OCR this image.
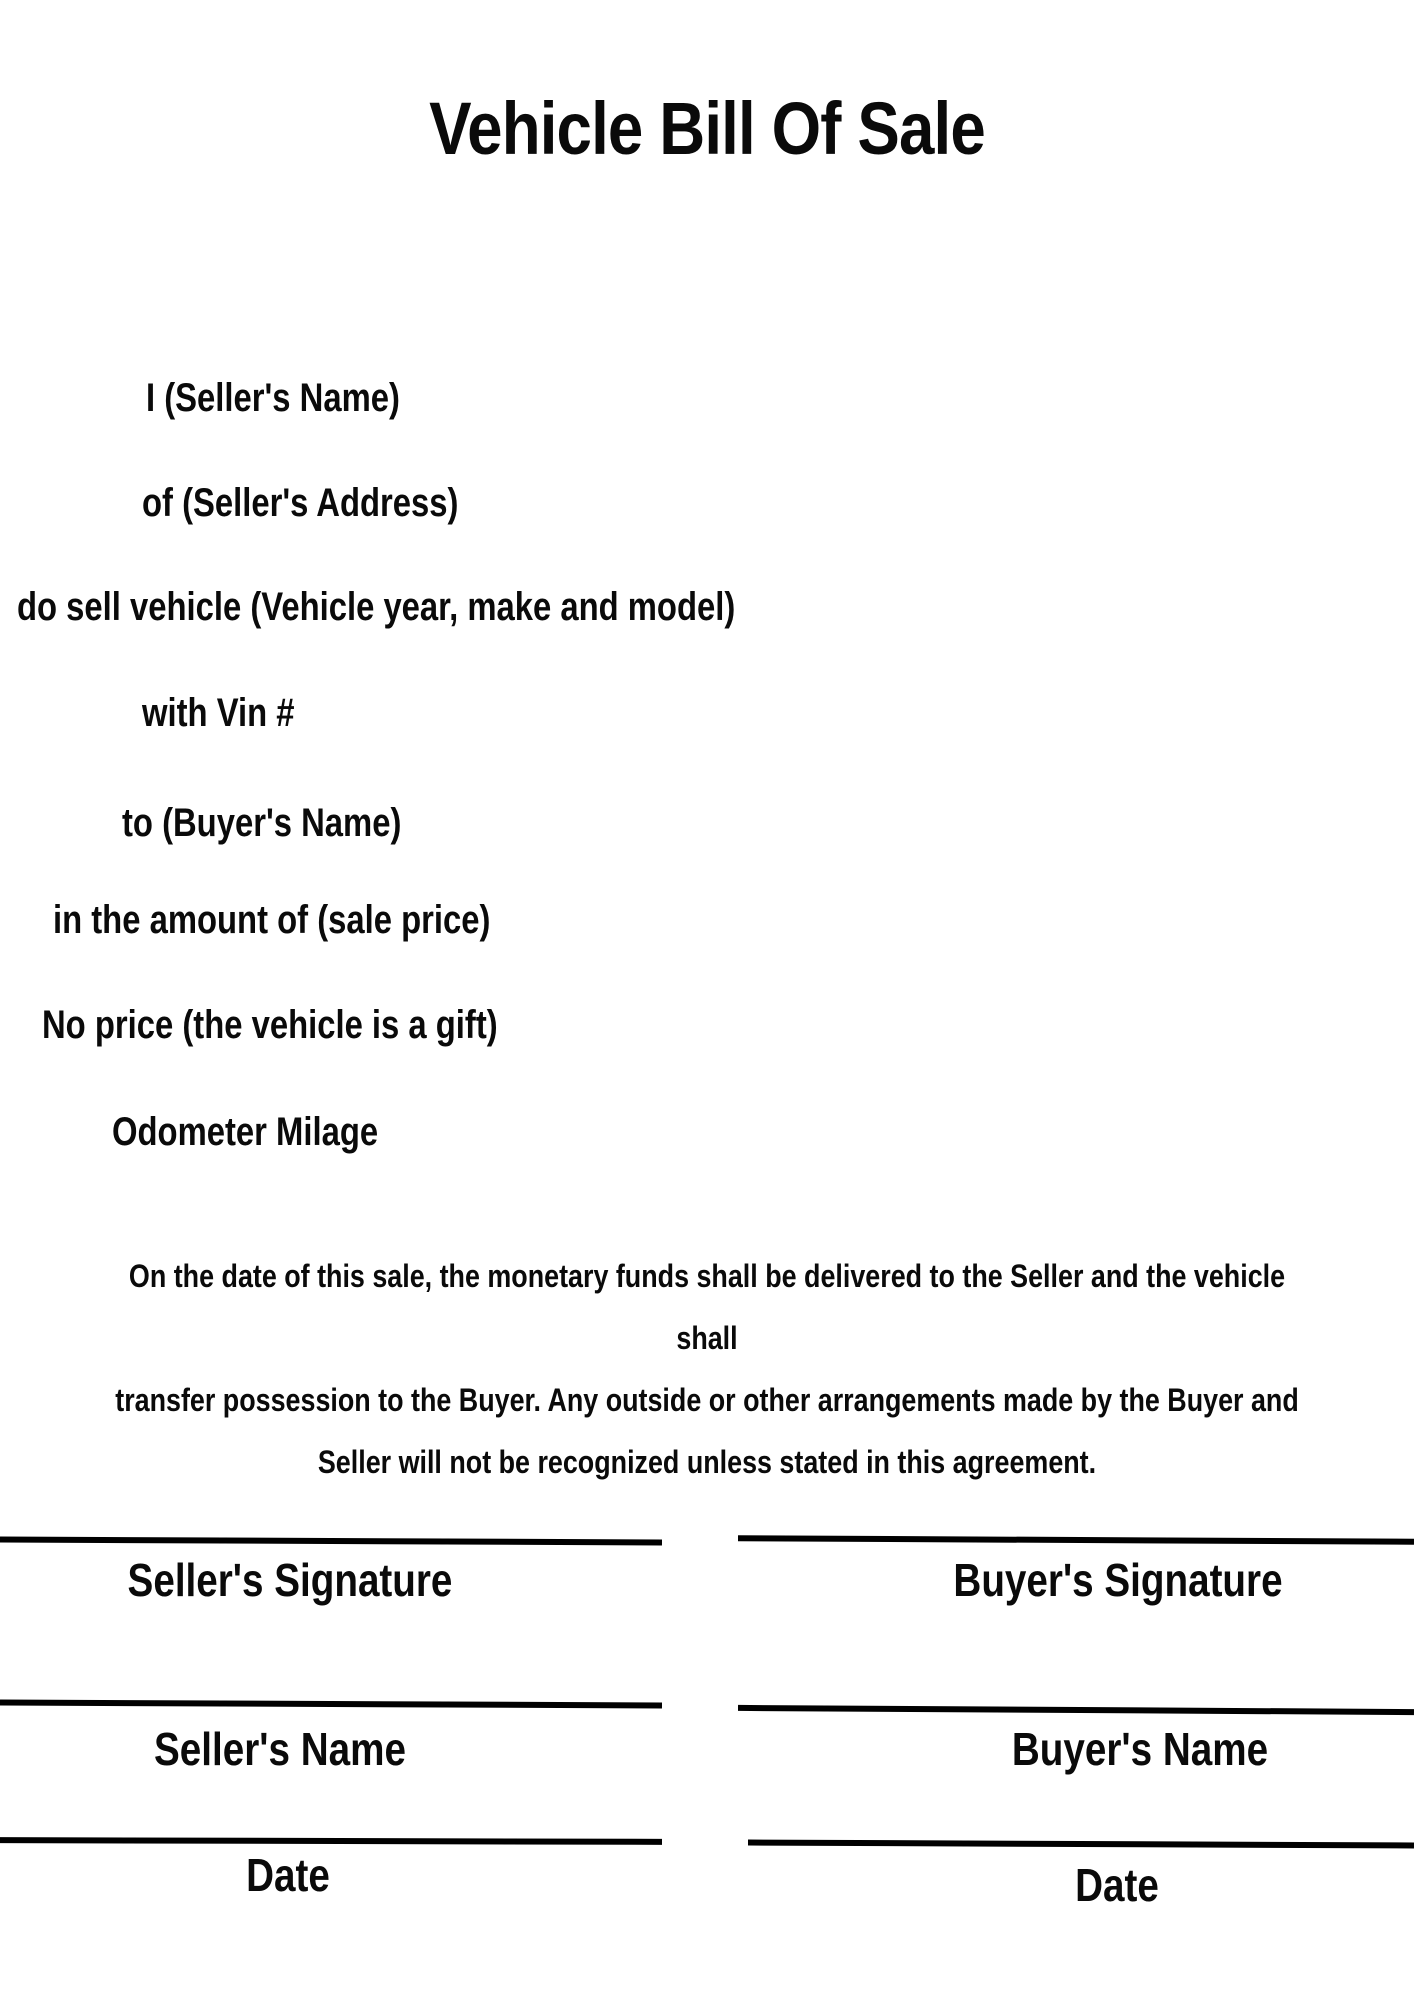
Vehicle Bill Of Sale
I (Seller's Name)
of (Seller's Address)
do sell vehicle (Vehicle year, make and model)
with Vin #
to (Buyer's Name)
in the amount of (sale price)
No price (the vehicle is a gift)
Odometer Milage
On the date of this sale, the monetary funds shall be delivered to the Seller and the vehicle shall
transfer possession to the Buyer. Any outside or other arrangements made by the Buyer and
Seller will not be recognized unless stated in this agreement.
Seller's Signature	Buyer's Signature
Seller's Name	Buyer's Name
Date	Date
